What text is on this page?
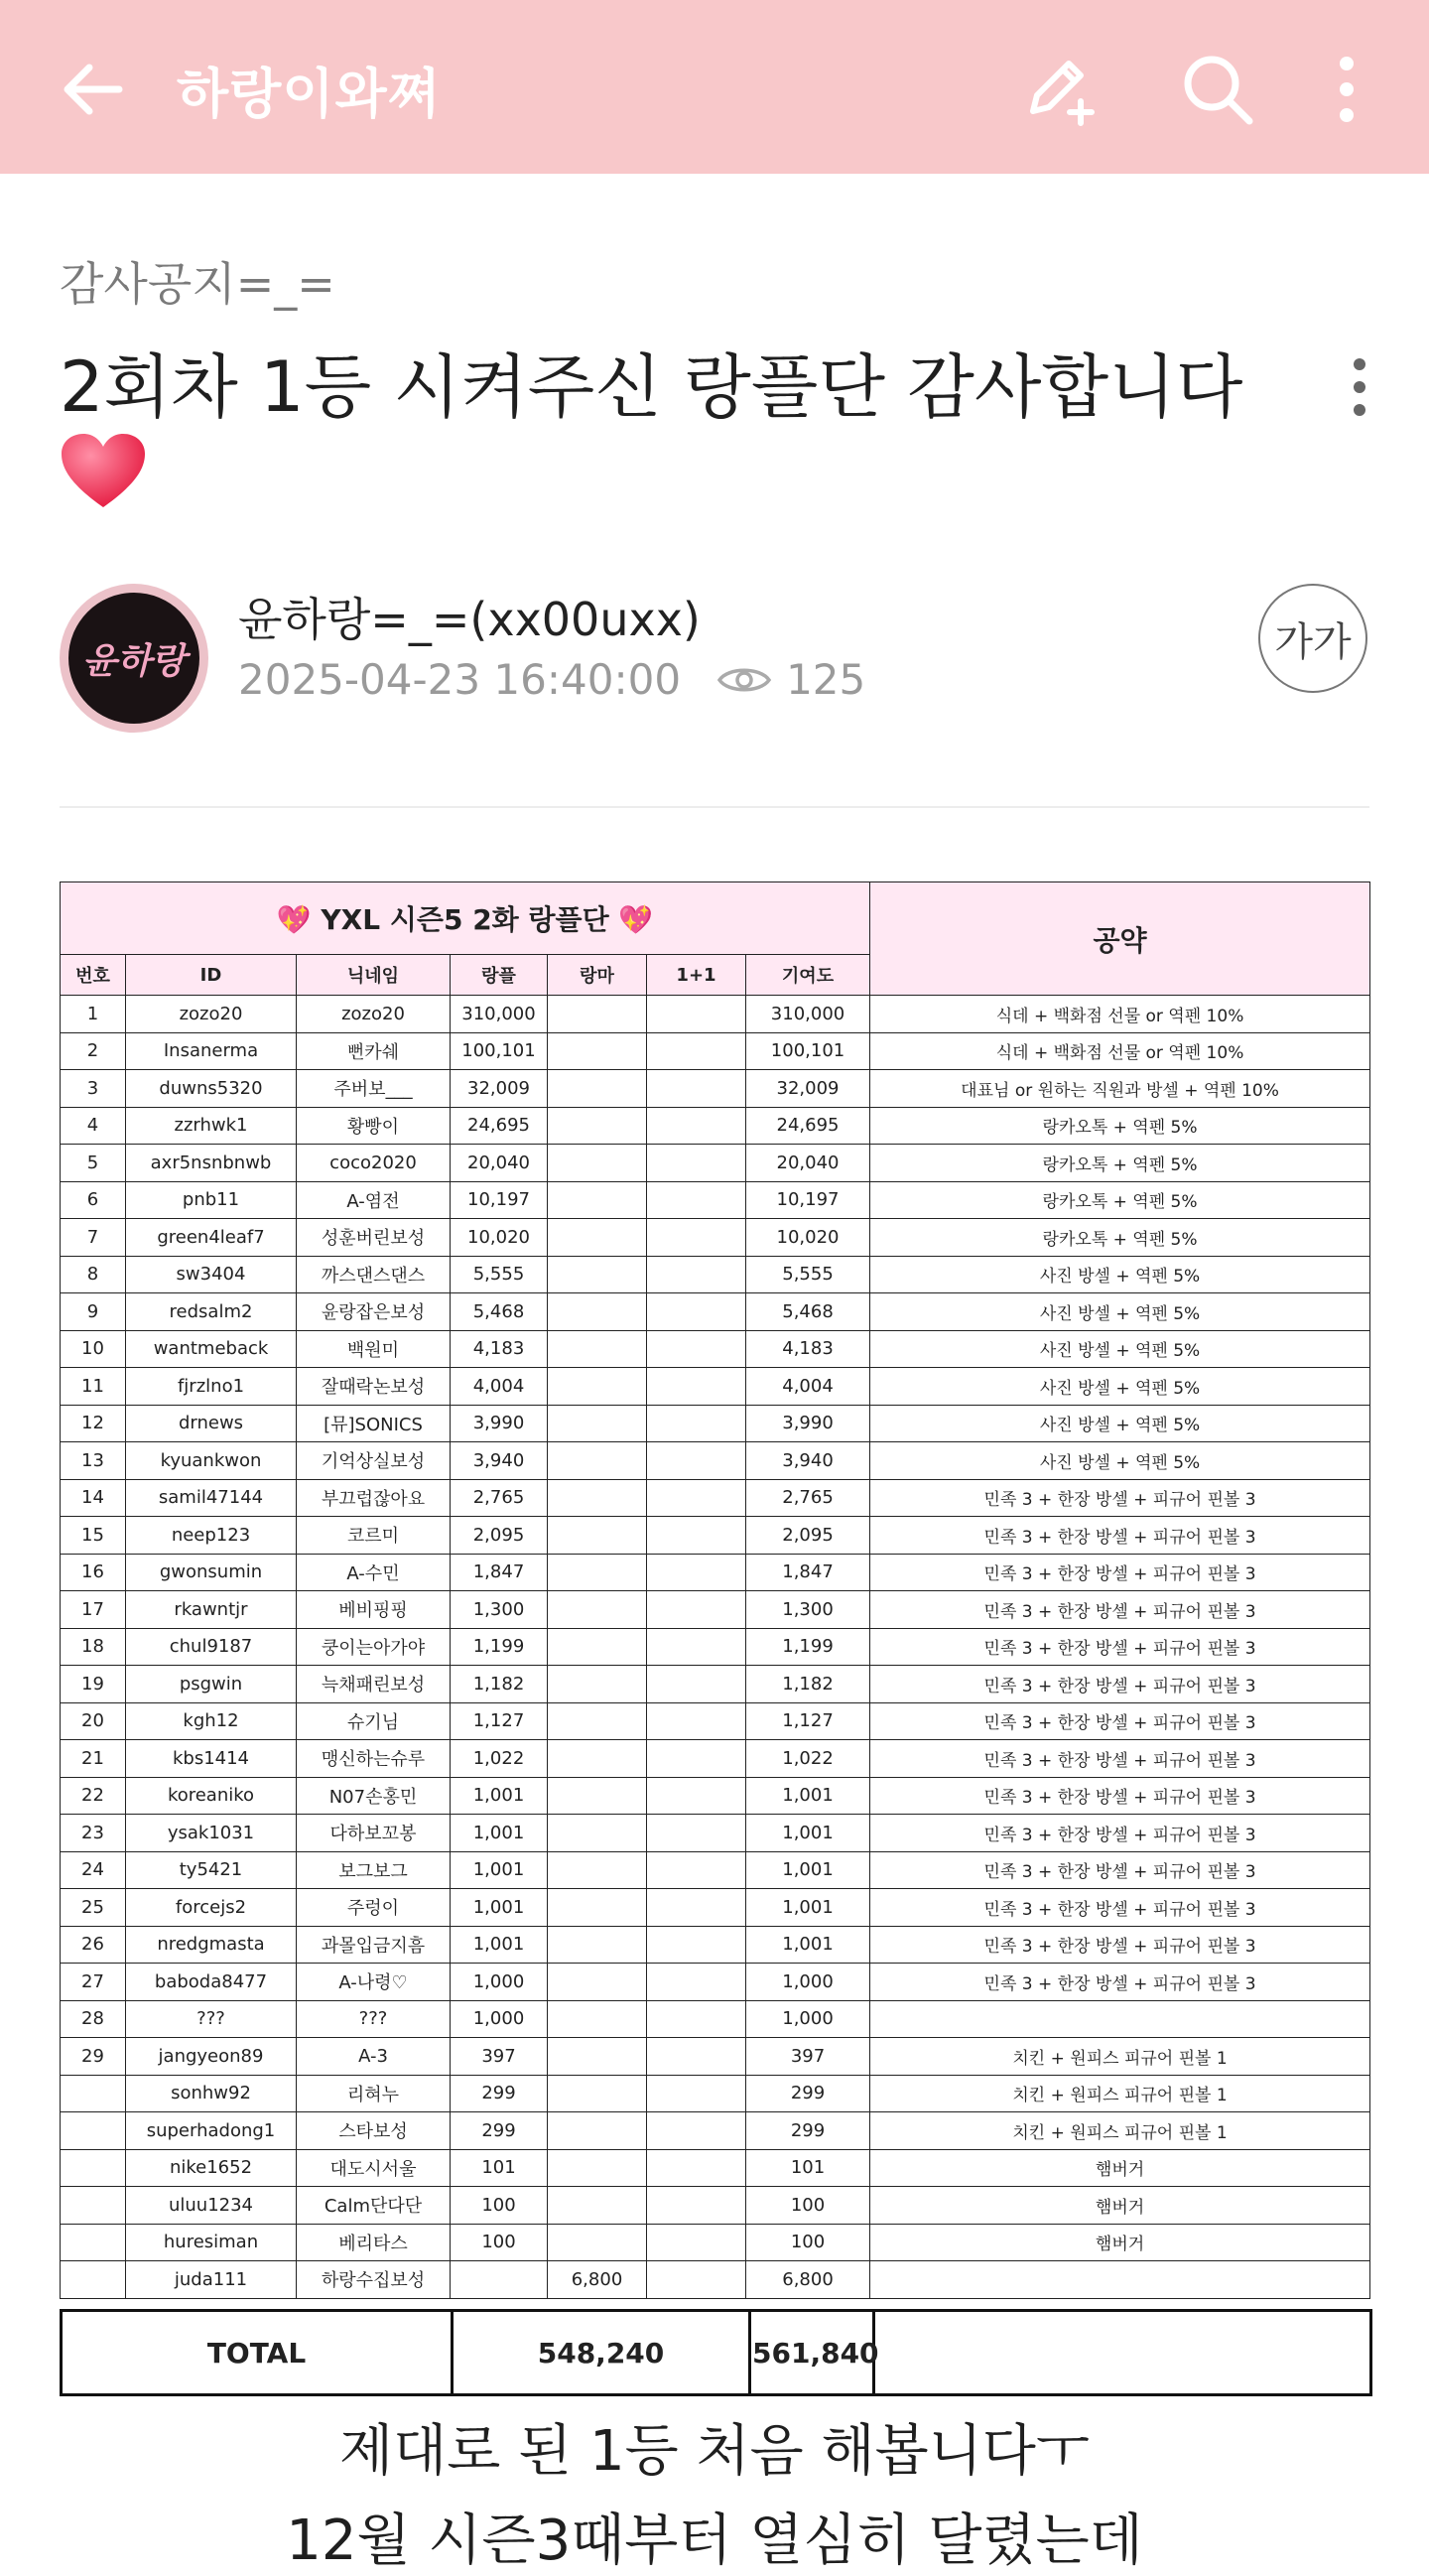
하랑이와쪄
감사공지=_=
2회차 1등 시켜주신 랑플단 감사합니다

윤하랑
윤하랑=_=(xx00uxx)
2025-04-23 16:40:00	125
가가
💖 YXL 시즌5 2화 랑플단 💖							공약
번호	ID	닉네임	랑플	랑마	1+1	기여도	
1	zozo20	zozo20	310,000			310,000	식데 + 백화점 선물 or 역펜 10%
2	Insanerma	뻔카쉐	100,101			100,101	식데 + 백화점 선물 or 역펜 10%
3	duwns5320	주버보___	32,009			32,009	대표님 or 원하는 직원과 방셀 + 역펜 10%
4	zzrhwk1	황빵이	24,695			24,695	랑카오톡 + 역펜 5%
5	axr5nsnbnwb	coco2020	20,040			20,040	랑카오톡 + 역펜 5%
6	pnb11	A-염전	10,197			10,197	랑카오톡 + 역펜 5%
7	green4leaf7	성훈버린보성	10,020			10,020	랑카오톡 + 역펜 5%
8	sw3404	까스댄스댄스	5,555			5,555	사진 방셀 + 역펜 5%
9	redsalm2	윤랑잡은보성	5,468			5,468	사진 방셀 + 역펜 5%
10	wantmeback	백원미	4,183			4,183	사진 방셀 + 역펜 5%
11	fjrzlno1	잘때락논보성	4,004			4,004	사진 방셀 + 역펜 5%
12	drnews	[뮤]SONICS	3,990			3,990	사진 방셀 + 역펜 5%
13	kyuankwon	기억상실보성	3,940			3,940	사진 방셀 + 역펜 5%
14	samil47144	부끄럽잖아요	2,765			2,765	민족 3 + 한장 방셀 + 피규어 핀볼 3
15	neep123	코르미	2,095			2,095	민족 3 + 한장 방셀 + 피규어 핀볼 3
16	gwonsumin	A-수민	1,847			1,847	민족 3 + 한장 방셀 + 피규어 핀볼 3
17	rkawntjr	베비핑핑	1,300			1,300	민족 3 + 한장 방셀 + 피규어 핀볼 3
18	chul9187	쿵이는아가야	1,199			1,199	민족 3 + 한장 방셀 + 피규어 핀볼 3
19	psgwin	늑채패린보성	1,182			1,182	민족 3 + 한장 방셀 + 피규어 핀볼 3
20	kgh12	슈기님	1,127			1,127	민족 3 + 한장 방셀 + 피규어 핀볼 3
21	kbs1414	맹신하는슈루	1,022			1,022	민족 3 + 한장 방셀 + 피규어 핀볼 3
22	koreaniko	N07손홍민	1,001			1,001	민족 3 + 한장 방셀 + 피규어 핀볼 3
23	ysak1031	다하보꼬봉	1,001			1,001	민족 3 + 한장 방셀 + 피규어 핀볼 3
24	ty5421	보그보그	1,001			1,001	민족 3 + 한장 방셀 + 피규어 핀볼 3
25	forcejs2	주렁이	1,001			1,001	민족 3 + 한장 방셀 + 피규어 핀볼 3
26	nredgmasta	과몰입금지흠	1,001			1,001	민족 3 + 한장 방셀 + 피규어 핀볼 3
27	baboda8477	A-나령♡	1,000			1,000	민족 3 + 한장 방셀 + 피규어 핀볼 3
28	???	???	1,000			1,000	
29	jangyeon89	A-3	397			397	치킨 + 원피스 피규어 핀볼 1
	sonhw92	리혀누	299			299	치킨 + 원피스 피규어 핀볼 1
	superhadong1	스타보성	299			299	치킨 + 원피스 피규어 핀볼 1
	nike1652	대도시서울	101			101	햄버거
	uluu1234	Calm단다단	100			100	햄버거
	huresiman	베리타스	100			100	햄버거
	juda111	하랑수집보성		6,800		6,800	
TOTAL	548,240	561,840	
제대로 된 1등 처음 해봅니다ㅜ
12월 시즌3때부터 열심히 달렸는데
